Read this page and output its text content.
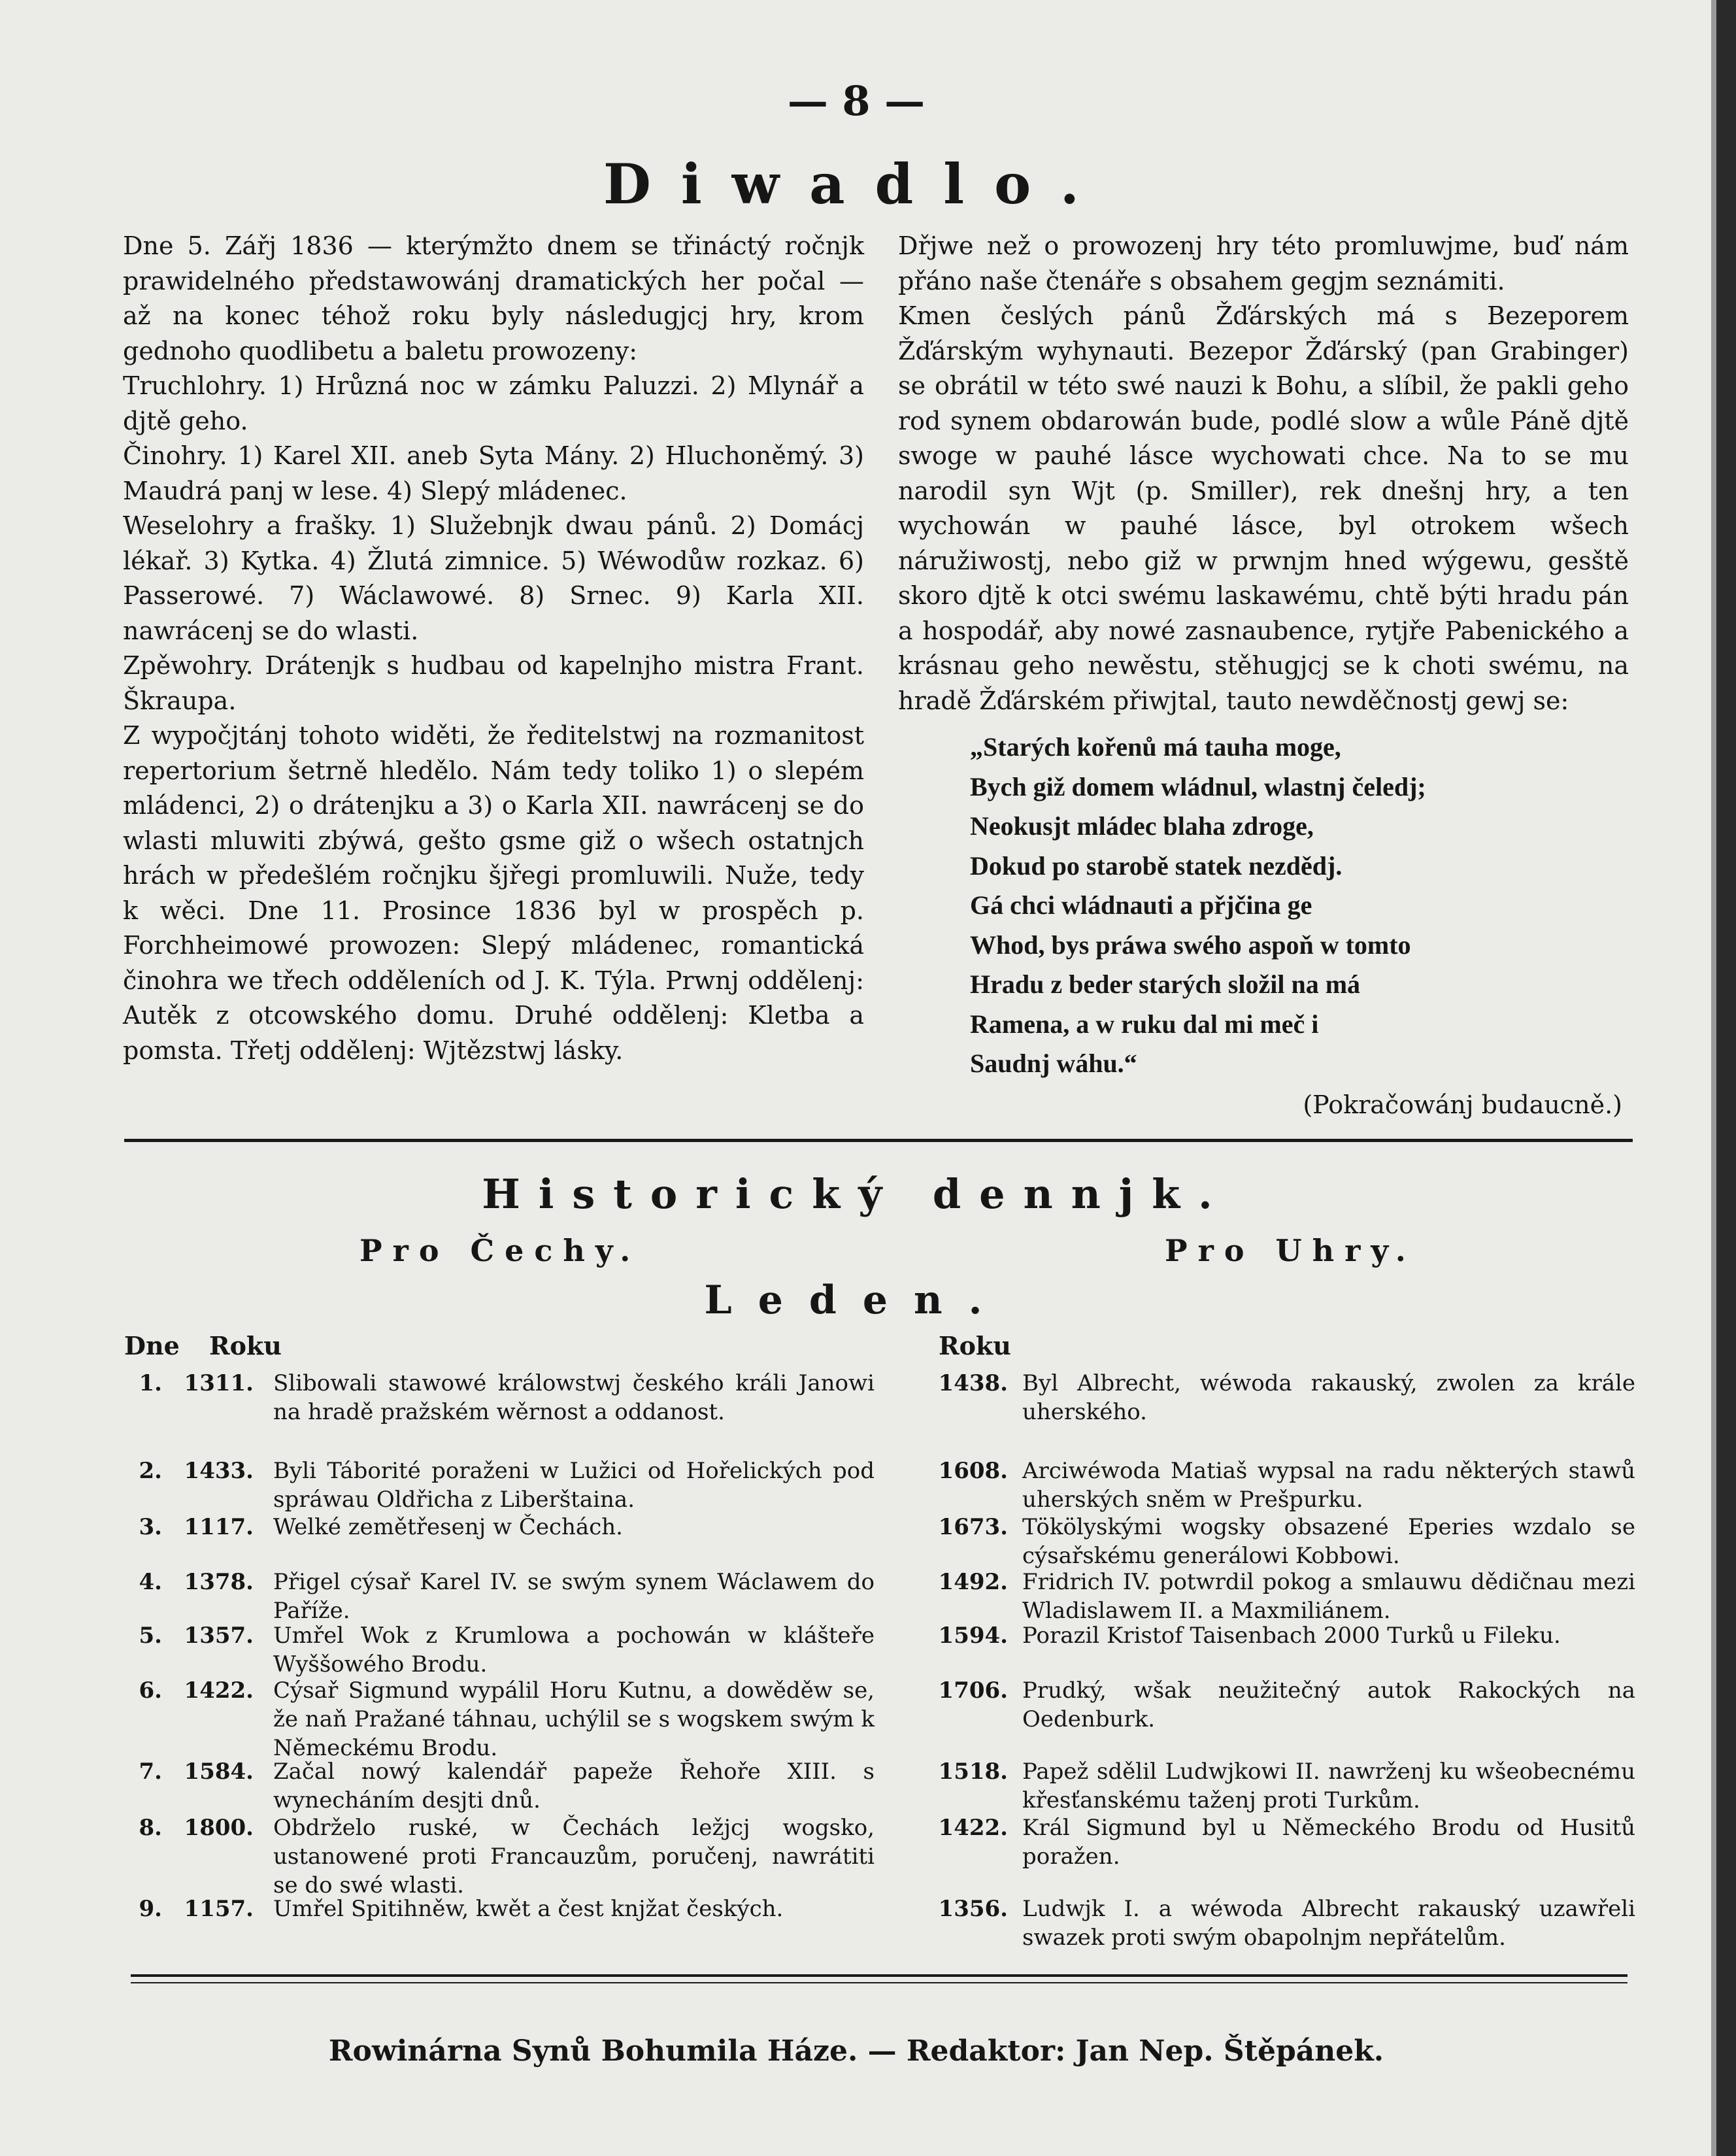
— 8 —
Diwadlo.

Dne 5. Zářj 1836 — kterýmžto dnem se třináctý ročnjk prawidelného předstawowánj dramatických her počal — až na konec téhož roku byly následugjcj hry, krom gednoho quodlibetu a baletu prowozeny:

Truchlohry. 1) Hrůzná noc w zámku Paluzzi. 2) Mlynář a djtě geho.

Činohry. 1) Karel XII. aneb Syta Mány. 2) Hluchoněmý. 3) Maudrá panj w lese. 4) Slepý mládenec.

Weselohry a frašky. 1) Služebnjk dwau pánů. 2) Domácj lékař. 3) Kytka. 4) Žlutá zimnice. 5) Wéwodůw rozkaz. 6) Passerowé. 7) Wáclawowé. 8) Srnec. 9) Karla XII. nawrácenj se do wlasti.

Zpěwohry. Drátenjk s hudbau od kapelnjho mistra Frant. Škraupa.

Z wypočjtánj tohoto widěti, že ředitelstwj na rozmanitost repertorium šetrně hledělo. Nám tedy toliko 1) o slepém mládenci, 2) o drátenjku a 3) o Karla XII. nawrácenj se do wlasti mluwiti zbýwá, gešto gsme giž o wšech ostatnjch hrách w předešlém ročnjku šjřegi promluwili. Nuže, tedy k wěci. Dne 11. Prosince 1836 byl w prospěch p. Forchheimowé prowozen: Slepý mládenec, romantická činohra we třech odděleních od J. K. Týla. Prwnj oddělenj: Autěk z otcowského domu. Druhé oddělenj: Kletba a pomsta. Třetj oddělenj: Wjtězstwj lásky.

Dřjwe než o prowozenj hry této promluwjme, buď nám přáno naše čtenáře s obsahem gegjm seznámiti.

Kmen česlých pánů Žďárských má s Bezeporem Žďárským wyhynauti. Bezepor Žďárský (pan Grabinger) se obrátil w této swé nauzi k Bohu, a slíbil, že pakli geho rod synem obdarowán bude, podlé slow a wůle Páně djtě swoge w pauhé lásce wychowati chce. Na to se mu narodil syn Wjt (p. Smiller), rek dnešnj hry, a ten wychowán w pauhé lásce, byl otrokem wšech náružiwostj, nebo giž w prwnjm hned wýgewu, gesště skoro djtě k otci swému laskawému, chtě býti hradu pán a hospodář, aby nowé zasnaubence, rytjře Pabenického a krásnau geho newěstu, stěhugjcj se k choti swému, na hradě Žďárském přiwjtal, tauto newděčnostj gewj se:

„Starých kořenů má tauha moge,
Bych giž domem wládnul, wlastnj čeledj;
Neokusjt mládec blaha zdroge,
Dokud po starobě statek nezdědj.
Gá chci wládnauti a přjčina ge
Whod, bys práwa swého aspoň w tomto
Hradu z beder starých složil na má
Ramena, a w ruku dal mi meč i
Saudnj wáhu.“
(Pokračowánj budaucně.)
Historický dennjk.
Pro Čechy.	Pro Uhry.
Leden.
Dne Roku	Roku
1. 1311. Slibowali stawowé králowstwj českého králi Janowi na hradě pražském wěrnost a oddanost.
2. 1433. Byli Táborité poraženi w Lužici od Hořelických pod spráwau Oldřicha z Liberštaina.
3. 1117. Welké zemětřesenj w Čechách.
4. 1378. Přigel cýsař Karel IV. se swým synem Wáclawem do Paříže.
5. 1357. Umřel Wok z Krumlowa a pochowán w klášteře Wyššowého Brodu.
6. 1422. Cýsař Sigmund wypálil Horu Kutnu, a dowěděw se, že naň Pražané táhnau, uchýlil se s wogskem swým k Německému Brodu.
7. 1584. Začal nowý kalendář papeže Řehoře XIII. s wynecháním desjti dnů.
8. 1800. Obdrželo ruské, w Čechách ležjcj wogsko, ustanowené proti Francauzům, poručenj, nawrátiti se do swé wlasti.
9. 1157. Umřel Spitihněw, kwět a čest knjžat českých.
1438. Byl Albrecht, wéwoda rakauský, zwolen za krále uherského.
1608. Arciwéwoda Matiaš wypsal na radu některých stawů uherských sněm w Prešpurku.
1673. Tökölyskými wogsky obsazené Eperies wzdalo se cýsařskému generálowi Kobbowi.
1492. Fridrich IV. potwrdil pokog a smlauwu dědičnau mezi Wladislawem II. a Maxmiliánem.
1594. Porazil Kristof Taisenbach 2000 Turků u Fileku.
1706. Prudký, wšak neužitečný autok Rakockých na Oedenburk.
1518. Papež sdělil Ludwjkowi II. nawrženj ku wšeobecnému křesťanskému taženj proti Turkům.
1422. Král Sigmund byl u Německého Brodu od Husitů poražen.
1356. Ludwjk I. a wéwoda Albrecht rakauský uzawřeli swazek proti swým obapolnjm nepřátelům.
Rowinárna Synů Bohumila Háze. — Redaktor: Jan Nep. Štěpánek.
